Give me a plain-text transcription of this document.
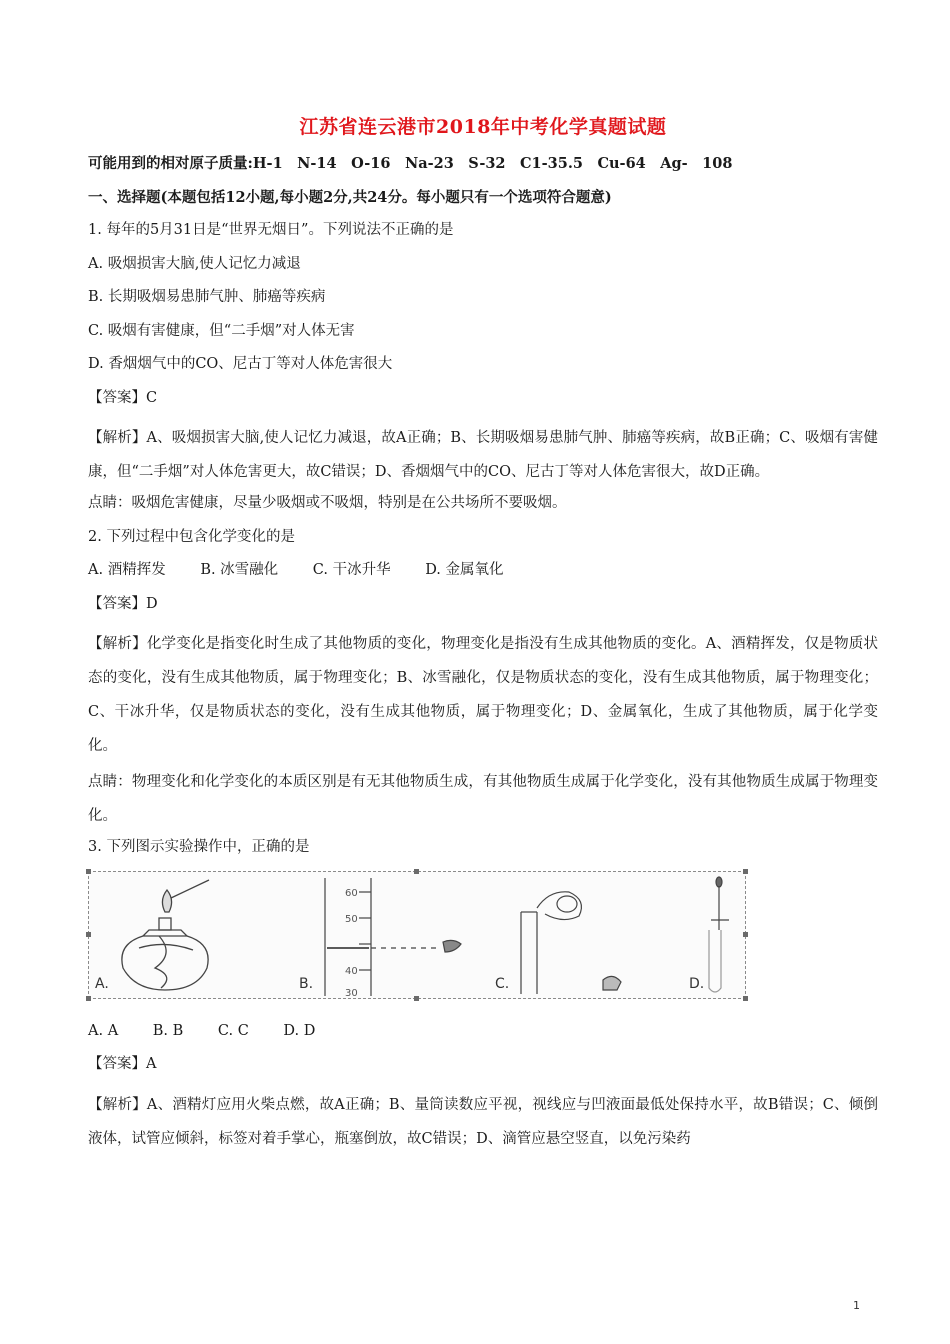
江苏省连云港市2018年中考化学真题试题
可能用到的相对原子质量:H-1　N-14　O-16　Na-23　S-32　C1-35.5　Cu-64　Ag-　108
一、选择题(本题包括12小题,每小题2分,共24分。每小题只有一个选项符合题意)
1. 每年的5月31日是“世界无烟日”。下列说法不正确的是
A. 吸烟损害大脑,使人记忆力减退
B. 长期吸烟易患肺气肿、肺癌等疾病
C. 吸烟有害健康，但“二手烟”对人体无害
D. 香烟烟气中的CO、尼古丁等对人体危害很大
【答案】C
【解析】A、吸烟损害大脑,使人记忆力减退，故A正确；B、长期吸烟易患肺气肿、肺癌等疾病，故B正确；C、吸烟有害健康，但“二手烟”对人体危害更大，故C错误；D、香烟烟气中的CO、尼古丁等对人体危害很大，故D正确。
点睛：吸烟危害健康，尽量少吸烟或不吸烟，特别是在公共场所不要吸烟。
2. 下列过程中包含化学变化的是
A. 酒精挥发 B. 冰雪融化 C. 干冰升华 D. 金属氧化
【答案】D
【解析】化学变化是指变化时生成了其他物质的变化，物理变化是指没有生成其他物质的变化。A、酒精挥发，仅是物质状态的变化，没有生成其他物质，属于物理变化；B、冰雪融化，仅是物质状态的变化，没有生成其他物质，属于物理变化；C、干冰升华，仅是物质状态的变化，没有生成其他物质，属于物理变化；D、金属氧化，生成了其他物质，属于化学变化。
点睛：物理变化和化学变化的本质区别是有无其他物质生成，有其他物质生成属于化学变化，没有其他物质生成属于物理变化。
3. 下列图示实验操作中，正确的是
60
50
40
30
A.	B.	C.	D.
A. A B. B C. C D. D
【答案】A
【解析】A、酒精灯应用火柴点燃，故A正确；B、量筒读数应平视，视线应与凹液面最低处保持水平，故B错误；C、倾倒液体，试管应倾斜，标签对着手掌心，瓶塞倒放，故C错误；D、滴管应悬空竖直，以免污染药
1
